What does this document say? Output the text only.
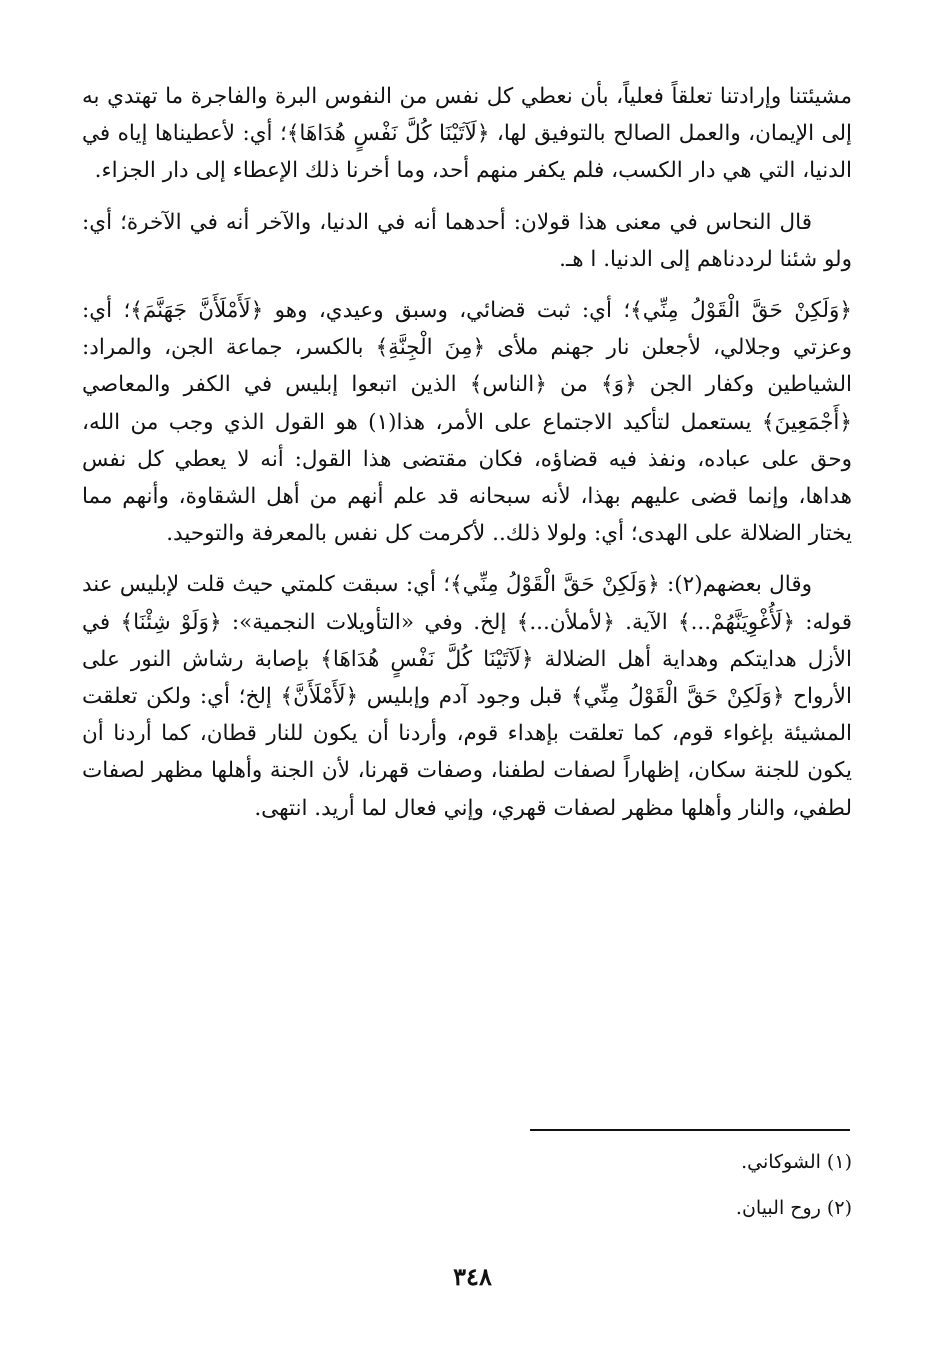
مشيئتنا وإرادتنا تعلقاً فعلياً، بأن نعطي كل نفس من النفوس البرة والفاجرة ما تهتدي به إلى الإيمان، والعمل الصالح بالتوفيق لها، ﴿لَآتَيْنَا كُلَّ نَفْسٍ هُدَاهَا﴾؛ أي: لأعطيناها إياه في الدنيا، التي هي دار الكسب، فلم يكفر منهم أحد، وما أخرنا ذلك الإعطاء إلى دار الجزاء.

قال النحاس في معنى هذا قولان: أحدهما أنه في الدنيا، والآخر أنه في الآخرة؛ أي: ولو شئنا لرددناهم إلى الدنيا. ا هـ.

﴿وَلَكِنْ حَقَّ الْقَوْلُ مِنِّي﴾؛ أي: ثبت قضائي، وسبق وعيدي، وهو ﴿لَأَمْلَأَنَّ جَهَنَّمَ﴾؛ أي: وعزتي وجلالي، لأجعلن نار جهنم ملأى ﴿مِنَ الْجِنَّةِ﴾ بالكسر، جماعة الجن، والمراد: الشياطين وكفار الجن ﴿وَ﴾ من ﴿الناس﴾ الذين اتبعوا إبليس في الكفر والمعاصي ﴿أَجْمَعِينَ﴾ يستعمل لتأكيد الاجتماع على الأمر، هذا(١) هو القول الذي وجب من الله، وحق على عباده، ونفذ فيه قضاؤه، فكان مقتضى هذا القول: أنه لا يعطي كل نفس هداها، وإنما قضى عليهم بهذا، لأنه سبحانه قد علم أنهم من أهل الشقاوة، وأنهم مما يختار الضلالة على الهدى؛ أي: ولولا ذلك.. لأكرمت كل نفس بالمعرفة والتوحيد.

وقال بعضهم(٢): ﴿وَلَكِنْ حَقَّ الْقَوْلُ مِنِّي﴾؛ أي: سبقت كلمتي حيث قلت لإبليس عند قوله: ﴿لَأُغْوِيَنَّهُمْ...﴾ الآية. ﴿لأملأن...﴾ إلخ. وفي «التأويلات النجمية»: ﴿وَلَوْ شِئْنَا﴾ في الأزل هدايتكم وهداية أهل الضلالة ﴿لَآتَيْنَا كُلَّ نَفْسٍ هُدَاهَا﴾ بإصابة رشاش النور على الأرواح ﴿وَلَكِنْ حَقَّ الْقَوْلُ مِنِّي﴾ قبل وجود آدم وإبليس ﴿لَأَمْلَأَنَّ﴾ إلخ؛ أي: ولكن تعلقت المشيئة بإغواء قوم، كما تعلقت بإهداء قوم، وأردنا أن يكون للنار قطان، كما أردنا أن يكون للجنة سكان، إظهاراً لصفات لطفنا، وصفات قهرنا، لأن الجنة وأهلها مظهر لصفات لطفي، والنار وأهلها مظهر لصفات قهري، وإني فعال لما أريد. انتهى.

(١) الشوكاني.

(٢) روح البيان.

٣٤٨
